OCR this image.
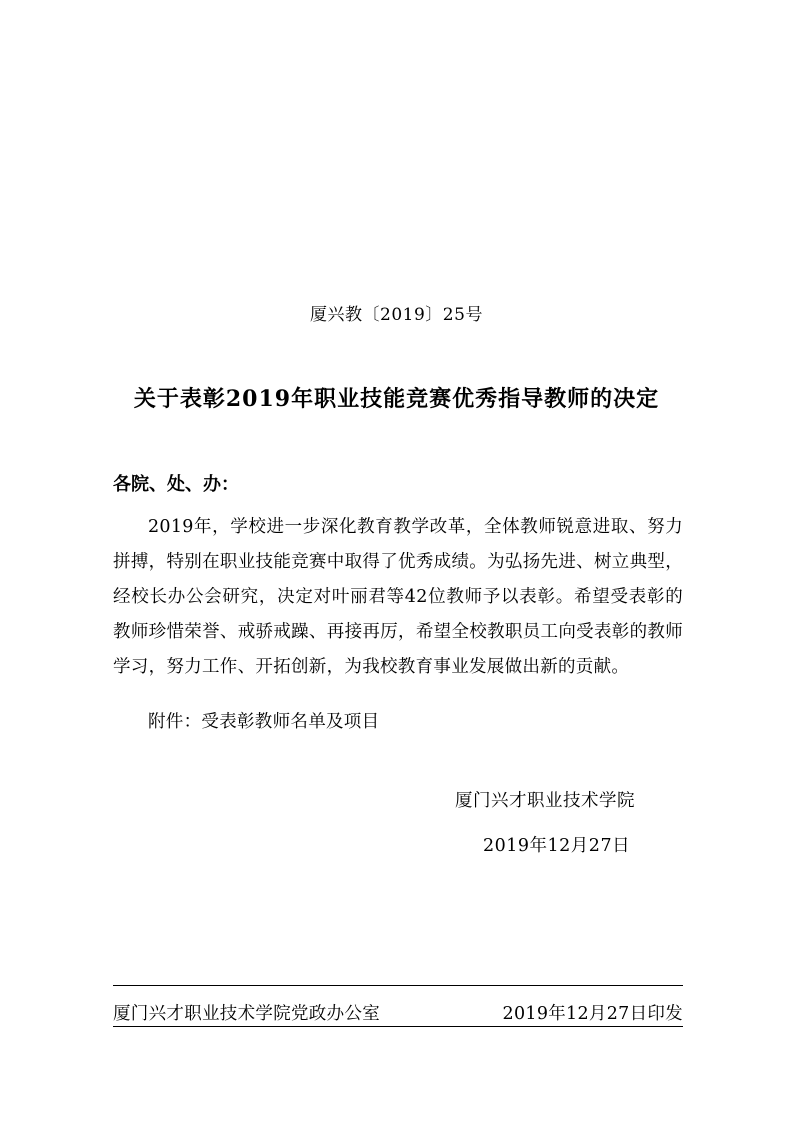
厦兴教〔2019〕25号
关于表彰2019年职业技能竞赛优秀指导教师的决定
各院、处、办：
2019年，学校进一步深化教育教学改革，全体教师锐意进取、努力拼搏，特别在职业技能竞赛中取得了优秀成绩。为弘扬先进、树立典型，经校长办公会研究，决定对叶丽君等42位教师予以表彰。希望受表彰的教师珍惜荣誉、戒骄戒躁、再接再厉，希望全校教职员工向受表彰的教师学习，努力工作、开拓创新，为我校教育事业发展做出新的贡献。
附件：受表彰教师名单及项目
厦门兴才职业技术学院
2019年12月27日
厦门兴才职业技术学院党政办公室	2019年12月27日印发
